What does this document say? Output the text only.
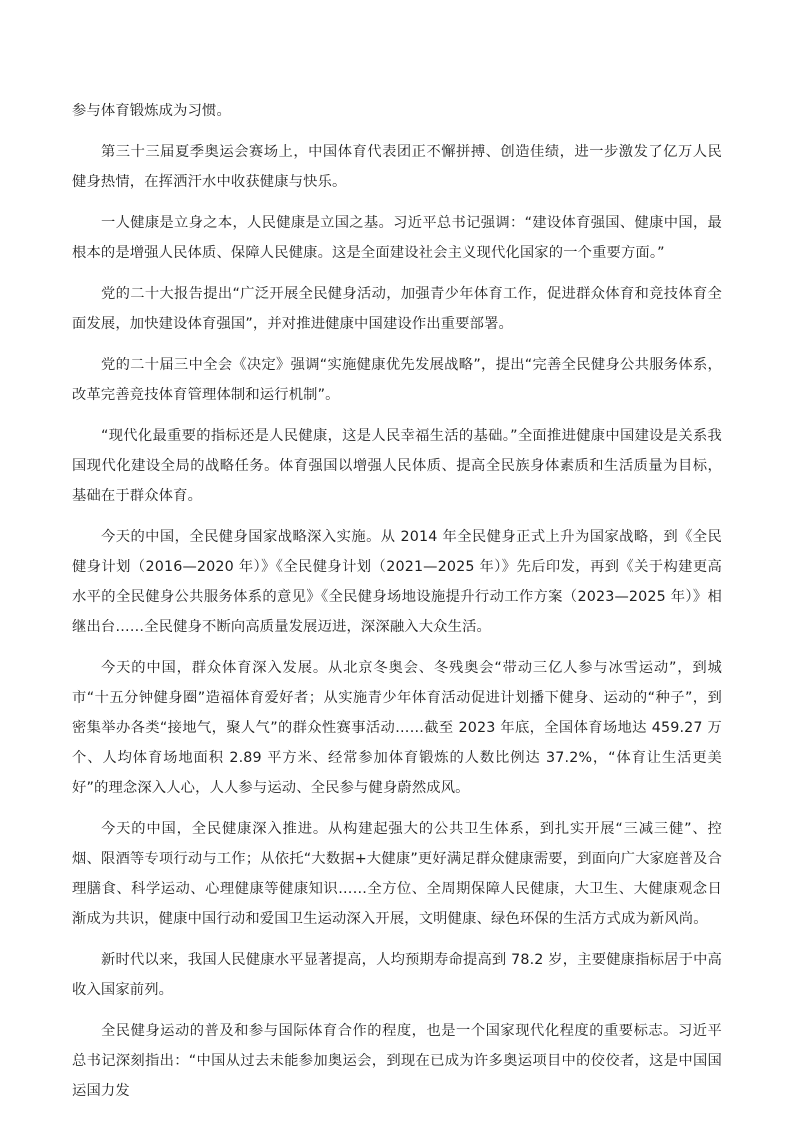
参与体育锻炼成为习惯。

第三十三届夏季奥运会赛场上，中国体育代表团正不懈拼搏、创造佳绩，进一步激发了亿万人民健身热情，在挥洒汗水中收获健康与快乐。

一人健康是立身之本，人民健康是立国之基。习近平总书记强调：“建设体育强国、健康中国，最根本的是增强人民体质、保障人民健康。这是全面建设社会主义现代化国家的一个重要方面。”

党的二十大报告提出“广泛开展全民健身活动，加强青少年体育工作，促进群众体育和竞技体育全面发展，加快建设体育强国”，并对推进健康中国建设作出重要部署。

党的二十届三中全会《决定》强调“实施健康优先发展战略”，提出“完善全民健身公共服务体系，改革完善竞技体育管理体制和运行机制”。

“现代化最重要的指标还是人民健康，这是人民幸福生活的基础。”全面推进健康中国建设是关系我国现代化建设全局的战略任务。体育强国以增强人民体质、提高全民族身体素质和生活质量为目标，基础在于群众体育。

今天的中国，全民健身国家战略深入实施。从 2014 年全民健身正式上升为国家战略，到《全民健身计划（2016—2020 年）》《全民健身计划（2021—2025 年）》先后印发，再到《关于构建更高水平的全民健身公共服务体系的意见》《全民健身场地设施提升行动工作方案（2023—2025 年）》相继出台……全民健身不断向高质量发展迈进，深深融入大众生活。

今天的中国，群众体育深入发展。从北京冬奥会、冬残奥会“带动三亿人参与冰雪运动”，到城市“十五分钟健身圈”造福体育爱好者；从实施青少年体育活动促进计划播下健身、运动的“种子”，到密集举办各类“接地气，聚人气”的群众性赛事活动……截至 2023 年底，全国体育场地达 459.27 万个、人均体育场地面积 2.89 平方米、经常参加体育锻炼的人数比例达 37.2%，“体育让生活更美好”的理念深入人心，人人参与运动、全民参与健身蔚然成风。

今天的中国，全民健康深入推进。从构建起强大的公共卫生体系，到扎实开展“三减三健”、控烟、限酒等专项行动与工作；从依托“大数据+大健康”更好满足群众健康需要，到面向广大家庭普及合理膳食、科学运动、心理健康等健康知识……全方位、全周期保障人民健康，大卫生、大健康观念日渐成为共识，健康中国行动和爱国卫生运动深入开展，文明健康、绿色环保的生活方式成为新风尚。

新时代以来，我国人民健康水平显著提高，人均预期寿命提高到 78.2 岁，主要健康指标居于中高收入国家前列。

全民健身运动的普及和参与国际体育合作的程度，也是一个国家现代化程度的重要标志。习近平总书记深刻指出：“中国从过去未能参加奥运会，到现在已成为许多奥运项目中的佼佼者，这是中国国运国力发
